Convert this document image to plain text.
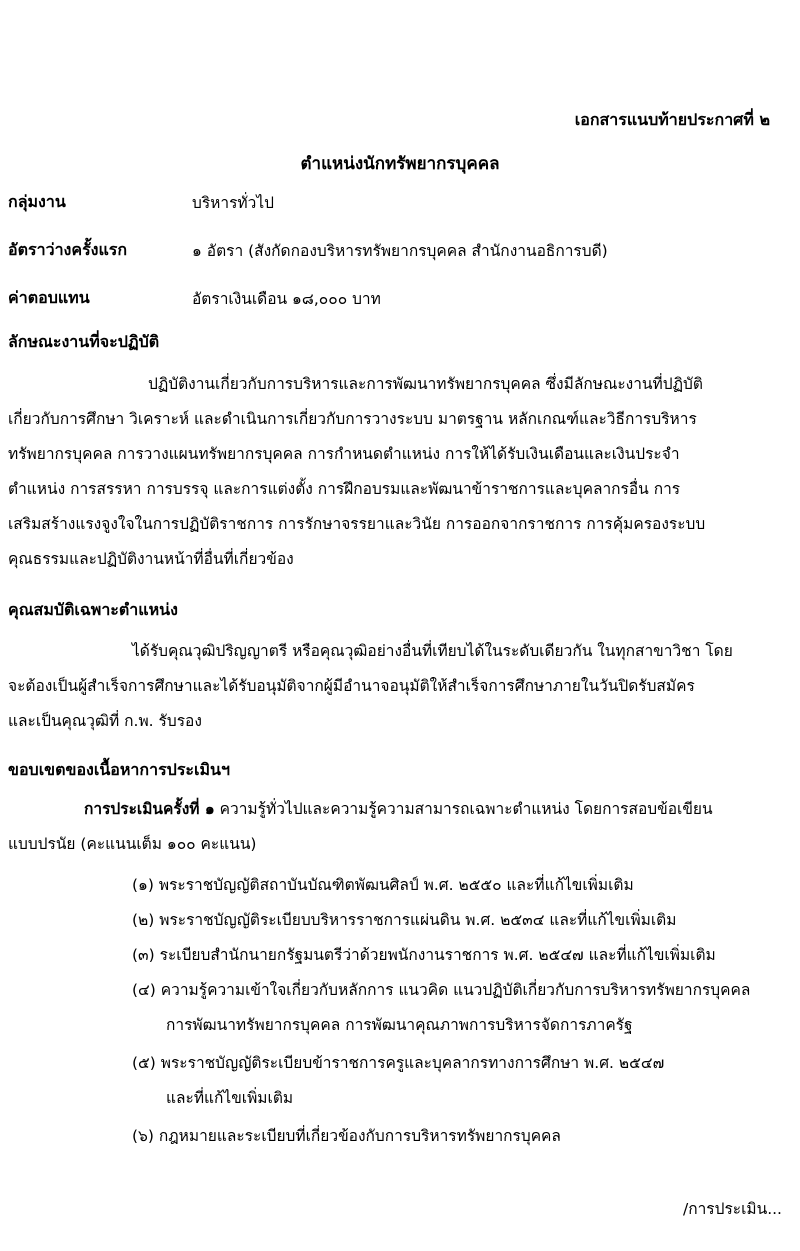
เอกสารแนบท้ายประกาศที่ ๒
ตำแหน่งนักทรัพยากรบุคคล
กลุ่มงาน	บริหารทั่วไป
อัตราว่างครั้งแรก	๑ อัตรา (สังกัดกองบริหารทรัพยากรบุคคล สำนักงานอธิการบดี)
ค่าตอบแทน	อัตราเงินเดือน ๑๘,๐๐๐ บาท
ลักษณะงานที่จะปฏิบัติ
ปฏิบัติงานเกี่ยวกับการบริหารและการพัฒนาทรัพยากรบุคคล ซึ่งมีลักษณะงานที่ปฏิบัติ
เกี่ยวกับการศึกษา วิเคราะห์ และดำเนินการเกี่ยวกับการวางระบบ มาตรฐาน หลักเกณฑ์และวิธีการบริหาร
ทรัพยากรบุคคล การวางแผนทรัพยากรบุคคล การกำหนดตำแหน่ง การให้ได้รับเงินเดือนและเงินประจำ
ตำแหน่ง การสรรหา การบรรจุ และการแต่งตั้ง การฝึกอบรมและพัฒนาข้าราชการและบุคลากรอื่น การ
เสริมสร้างแรงจูงใจในการปฏิบัติราชการ การรักษาจรรยาและวินัย การออกจากราชการ การคุ้มครองระบบ
คุณธรรมและปฏิบัติงานหน้าที่อื่นที่เกี่ยวข้อง
คุณสมบัติเฉพาะตำแหน่ง
ได้รับคุณวุฒิปริญญาตรี หรือคุณวุฒิอย่างอื่นที่เทียบได้ในระดับเดียวกัน ในทุกสาขาวิชา โดย
จะต้องเป็นผู้สำเร็จการศึกษาและได้รับอนุมัติจากผู้มีอำนาจอนุมัติให้สำเร็จการศึกษาภายในวันปิดรับสมัคร
และเป็นคุณวุฒิที่ ก.พ. รับรอง
ขอบเขตของเนื้อหาการประเมินฯ
การประเมินครั้งที่ ๑ ความรู้ทั่วไปและความรู้ความสามารถเฉพาะตำแหน่ง โดยการสอบข้อเขียน
แบบปรนัย (คะแนนเต็ม ๑๐๐ คะแนน)
(๑) พระราชบัญญัติสถาบันบัณฑิตพัฒนศิลป์ พ.ศ. ๒๕๕๐ และที่แก้ไขเพิ่มเติม
(๒) พระราชบัญญัติระเบียบบริหารราชการแผ่นดิน พ.ศ. ๒๕๓๔ และที่แก้ไขเพิ่มเติม
(๓) ระเบียบสำนักนายกรัฐมนตรีว่าด้วยพนักงานราชการ พ.ศ. ๒๕๔๗ และที่แก้ไขเพิ่มเติม
(๔) ความรู้ความเข้าใจเกี่ยวกับหลักการ แนวคิด แนวปฏิบัติเกี่ยวกับการบริหารทรัพยากรบุคคล
การพัฒนาทรัพยากรบุคคล การพัฒนาคุณภาพการบริหารจัดการภาครัฐ
(๕) พระราชบัญญัติระเบียบข้าราชการครูและบุคลากรทางการศึกษา พ.ศ. ๒๕๔๗
และที่แก้ไขเพิ่มเติม
(๖) กฎหมายและระเบียบที่เกี่ยวข้องกับการบริหารทรัพยากรบุคคล
/การประเมิน...
